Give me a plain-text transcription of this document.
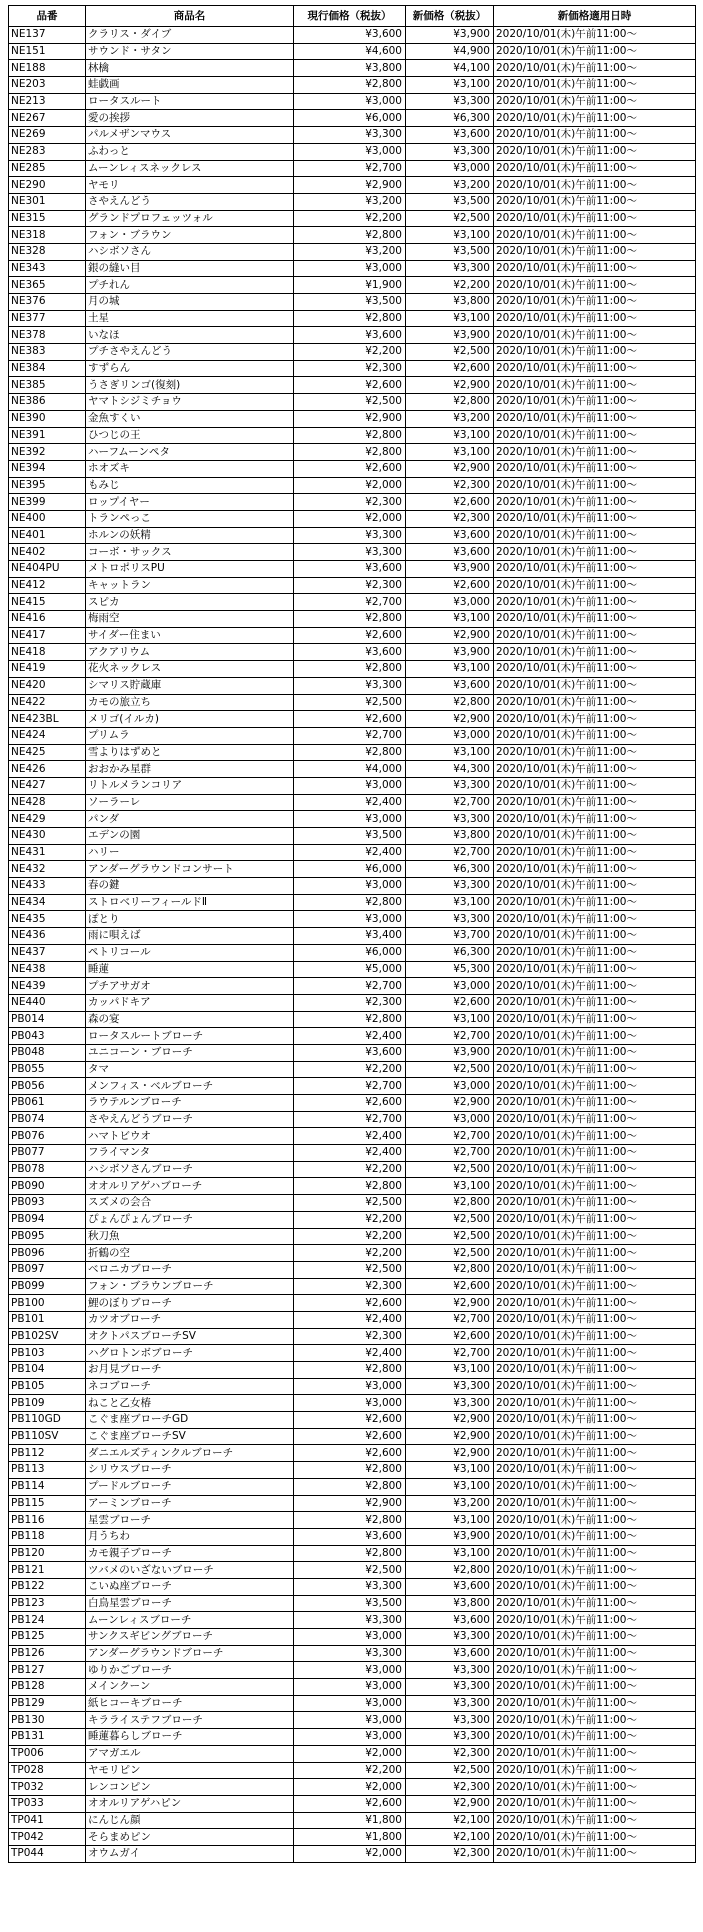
品番	商品名	現行価格（税抜）	新価格（税抜）	新価格適用日時
NE137	クラリス・ダイブ	¥3,600	¥3,900	2020/10/01(木)午前11:00～
NE151	サウンド・サタン	¥4,600	¥4,900	2020/10/01(木)午前11:00～
NE188	林檎	¥3,800	¥4,100	2020/10/01(木)午前11:00～
NE203	蛙戯画	¥2,800	¥3,100	2020/10/01(木)午前11:00～
NE213	ロータスルート	¥3,000	¥3,300	2020/10/01(木)午前11:00～
NE267	愛の挨拶	¥6,000	¥6,300	2020/10/01(木)午前11:00～
NE269	パルメザンマウス	¥3,300	¥3,600	2020/10/01(木)午前11:00～
NE283	ふわっと	¥3,000	¥3,300	2020/10/01(木)午前11:00～
NE285	ムーンレィスネックレス	¥2,700	¥3,000	2020/10/01(木)午前11:00～
NE290	ヤモリ	¥2,900	¥3,200	2020/10/01(木)午前11:00～
NE301	さやえんどう	¥3,200	¥3,500	2020/10/01(木)午前11:00～
NE315	グランドプロフェッツォル	¥2,200	¥2,500	2020/10/01(木)午前11:00～
NE318	フォン・ブラウン	¥2,800	¥3,100	2020/10/01(木)午前11:00～
NE328	ハシボソさん	¥3,200	¥3,500	2020/10/01(木)午前11:00～
NE343	銀の縫い目	¥3,000	¥3,300	2020/10/01(木)午前11:00～
NE365	プチれん	¥1,900	¥2,200	2020/10/01(木)午前11:00～
NE376	月の城	¥3,500	¥3,800	2020/10/01(木)午前11:00～
NE377	土星	¥2,800	¥3,100	2020/10/01(木)午前11:00～
NE378	いなほ	¥3,600	¥3,900	2020/10/01(木)午前11:00～
NE383	プチさやえんどう	¥2,200	¥2,500	2020/10/01(木)午前11:00～
NE384	すずらん	¥2,300	¥2,600	2020/10/01(木)午前11:00～
NE385	うさぎリンゴ(復刻)	¥2,600	¥2,900	2020/10/01(木)午前11:00～
NE386	ヤマトシジミチョウ	¥2,500	¥2,800	2020/10/01(木)午前11:00～
NE390	金魚すくい	¥2,900	¥3,200	2020/10/01(木)午前11:00～
NE391	ひつじの王	¥2,800	¥3,100	2020/10/01(木)午前11:00～
NE392	ハーフムーンペタ	¥2,800	¥3,100	2020/10/01(木)午前11:00～
NE394	ホオズキ	¥2,600	¥2,900	2020/10/01(木)午前11:00～
NE395	もみじ	¥2,000	¥2,300	2020/10/01(木)午前11:00～
NE399	ロップイヤー	¥2,300	¥2,600	2020/10/01(木)午前11:00～
NE400	トランペっこ	¥2,000	¥2,300	2020/10/01(木)午前11:00～
NE401	ホルンの妖精	¥3,300	¥3,600	2020/10/01(木)午前11:00～
NE402	コーボ・サックス	¥3,300	¥3,600	2020/10/01(木)午前11:00～
NE404PU	メトロポリスPU	¥3,600	¥3,900	2020/10/01(木)午前11:00～
NE412	キャットラン	¥2,300	¥2,600	2020/10/01(木)午前11:00～
NE415	スピカ	¥2,700	¥3,000	2020/10/01(木)午前11:00～
NE416	梅雨空	¥2,800	¥3,100	2020/10/01(木)午前11:00～
NE417	サイダー住まい	¥2,600	¥2,900	2020/10/01(木)午前11:00～
NE418	アクアリウム	¥3,600	¥3,900	2020/10/01(木)午前11:00～
NE419	花火ネックレス	¥2,800	¥3,100	2020/10/01(木)午前11:00～
NE420	シマリス貯蔵庫	¥3,300	¥3,600	2020/10/01(木)午前11:00～
NE422	カモの旅立ち	¥2,500	¥2,800	2020/10/01(木)午前11:00～
NE423BL	メリゴ(イルカ)	¥2,600	¥2,900	2020/10/01(木)午前11:00～
NE424	プリムラ	¥2,700	¥3,000	2020/10/01(木)午前11:00～
NE425	雪よりはずめと	¥2,800	¥3,100	2020/10/01(木)午前11:00～
NE426	おおかみ星群	¥4,000	¥4,300	2020/10/01(木)午前11:00～
NE427	リトルメランコリア	¥3,000	¥3,300	2020/10/01(木)午前11:00～
NE428	ソーラーレ	¥2,400	¥2,700	2020/10/01(木)午前11:00～
NE429	パンダ	¥3,000	¥3,300	2020/10/01(木)午前11:00～
NE430	エデンの園	¥3,500	¥3,800	2020/10/01(木)午前11:00～
NE431	ハリー	¥2,400	¥2,700	2020/10/01(木)午前11:00～
NE432	アンダーグラウンドコンサート	¥6,000	¥6,300	2020/10/01(木)午前11:00～
NE433	春の鍵	¥3,000	¥3,300	2020/10/01(木)午前11:00～
NE434	ストロベリーフィールドⅡ	¥2,800	¥3,100	2020/10/01(木)午前11:00～
NE435	ぽとり	¥3,000	¥3,300	2020/10/01(木)午前11:00～
NE436	雨に唄えば	¥3,400	¥3,700	2020/10/01(木)午前11:00～
NE437	ペトリコール	¥6,000	¥6,300	2020/10/01(木)午前11:00～
NE438	睡蓮	¥5,000	¥5,300	2020/10/01(木)午前11:00～
NE439	プチアサガオ	¥2,700	¥3,000	2020/10/01(木)午前11:00～
NE440	カッパドキア	¥2,300	¥2,600	2020/10/01(木)午前11:00～
PB014	森の宴	¥2,800	¥3,100	2020/10/01(木)午前11:00～
PB043	ロータスルートブローチ	¥2,400	¥2,700	2020/10/01(木)午前11:00～
PB048	ユニコーン・ブローチ	¥3,600	¥3,900	2020/10/01(木)午前11:00～
PB055	タマ	¥2,200	¥2,500	2020/10/01(木)午前11:00～
PB056	メンフィス・ベルブローチ	¥2,700	¥3,000	2020/10/01(木)午前11:00～
PB061	ラウテルンブローチ	¥2,600	¥2,900	2020/10/01(木)午前11:00～
PB074	さやえんどうブローチ	¥2,700	¥3,000	2020/10/01(木)午前11:00～
PB076	ハマトビウオ	¥2,400	¥2,700	2020/10/01(木)午前11:00～
PB077	フライマンタ	¥2,400	¥2,700	2020/10/01(木)午前11:00～
PB078	ハシボソさんブローチ	¥2,200	¥2,500	2020/10/01(木)午前11:00～
PB090	オオルリアゲハブローチ	¥2,800	¥3,100	2020/10/01(木)午前11:00～
PB093	スズメの会合	¥2,500	¥2,800	2020/10/01(木)午前11:00～
PB094	ぴょんぴょんブローチ	¥2,200	¥2,500	2020/10/01(木)午前11:00～
PB095	秋刀魚	¥2,200	¥2,500	2020/10/01(木)午前11:00～
PB096	折鶴の空	¥2,200	¥2,500	2020/10/01(木)午前11:00～
PB097	ベロニカブローチ	¥2,500	¥2,800	2020/10/01(木)午前11:00～
PB099	フォン・ブラウンブローチ	¥2,300	¥2,600	2020/10/01(木)午前11:00～
PB100	鯉のぼりブローチ	¥2,600	¥2,900	2020/10/01(木)午前11:00～
PB101	カツオブローチ	¥2,400	¥2,700	2020/10/01(木)午前11:00～
PB102SV	オクトパスブローチSV	¥2,300	¥2,600	2020/10/01(木)午前11:00～
PB103	ハグロトンボブローチ	¥2,400	¥2,700	2020/10/01(木)午前11:00～
PB104	お月見ブローチ	¥2,800	¥3,100	2020/10/01(木)午前11:00～
PB105	ネコブローチ	¥3,000	¥3,300	2020/10/01(木)午前11:00～
PB109	ねこと乙女椿	¥3,000	¥3,300	2020/10/01(木)午前11:00～
PB110GD	こぐま座ブローチGD	¥2,600	¥2,900	2020/10/01(木)午前11:00～
PB110SV	こぐま座ブローチSV	¥2,600	¥2,900	2020/10/01(木)午前11:00～
PB112	ダニエルズティンクルブローチ	¥2,600	¥2,900	2020/10/01(木)午前11:00～
PB113	シリウスブローチ	¥2,800	¥3,100	2020/10/01(木)午前11:00～
PB114	プードルブローチ	¥2,800	¥3,100	2020/10/01(木)午前11:00～
PB115	アーミンブローチ	¥2,900	¥3,200	2020/10/01(木)午前11:00～
PB116	星雲ブローチ	¥2,800	¥3,100	2020/10/01(木)午前11:00～
PB118	月うちわ	¥3,600	¥3,900	2020/10/01(木)午前11:00～
PB120	カモ親子ブローチ	¥2,800	¥3,100	2020/10/01(木)午前11:00～
PB121	ツバメのいざないブローチ	¥2,500	¥2,800	2020/10/01(木)午前11:00～
PB122	こいぬ座ブローチ	¥3,300	¥3,600	2020/10/01(木)午前11:00～
PB123	白鳥星雲ブローチ	¥3,500	¥3,800	2020/10/01(木)午前11:00～
PB124	ムーンレィスブローチ	¥3,300	¥3,600	2020/10/01(木)午前11:00～
PB125	サンクスギビングブローチ	¥3,000	¥3,300	2020/10/01(木)午前11:00～
PB126	アンダーグラウンドブローチ	¥3,300	¥3,600	2020/10/01(木)午前11:00～
PB127	ゆりかごブローチ	¥3,000	¥3,300	2020/10/01(木)午前11:00～
PB128	メインクーン	¥3,000	¥3,300	2020/10/01(木)午前11:00～
PB129	紙ヒコーキブローチ	¥3,000	¥3,300	2020/10/01(木)午前11:00～
PB130	キラライステフブローチ	¥3,000	¥3,300	2020/10/01(木)午前11:00～
PB131	睡蓮暮らしブローチ	¥3,000	¥3,300	2020/10/01(木)午前11:00～
TP006	アマガエル	¥2,000	¥2,300	2020/10/01(木)午前11:00～
TP028	ヤモリピン	¥2,200	¥2,500	2020/10/01(木)午前11:00～
TP032	レンコンピン	¥2,000	¥2,300	2020/10/01(木)午前11:00～
TP033	オオルリアゲハピン	¥2,600	¥2,900	2020/10/01(木)午前11:00～
TP041	にんじん顔	¥1,800	¥2,100	2020/10/01(木)午前11:00～
TP042	そらまめピン	¥1,800	¥2,100	2020/10/01(木)午前11:00～
TP044	オウムガイ	¥2,000	¥2,300	2020/10/01(木)午前11:00～
